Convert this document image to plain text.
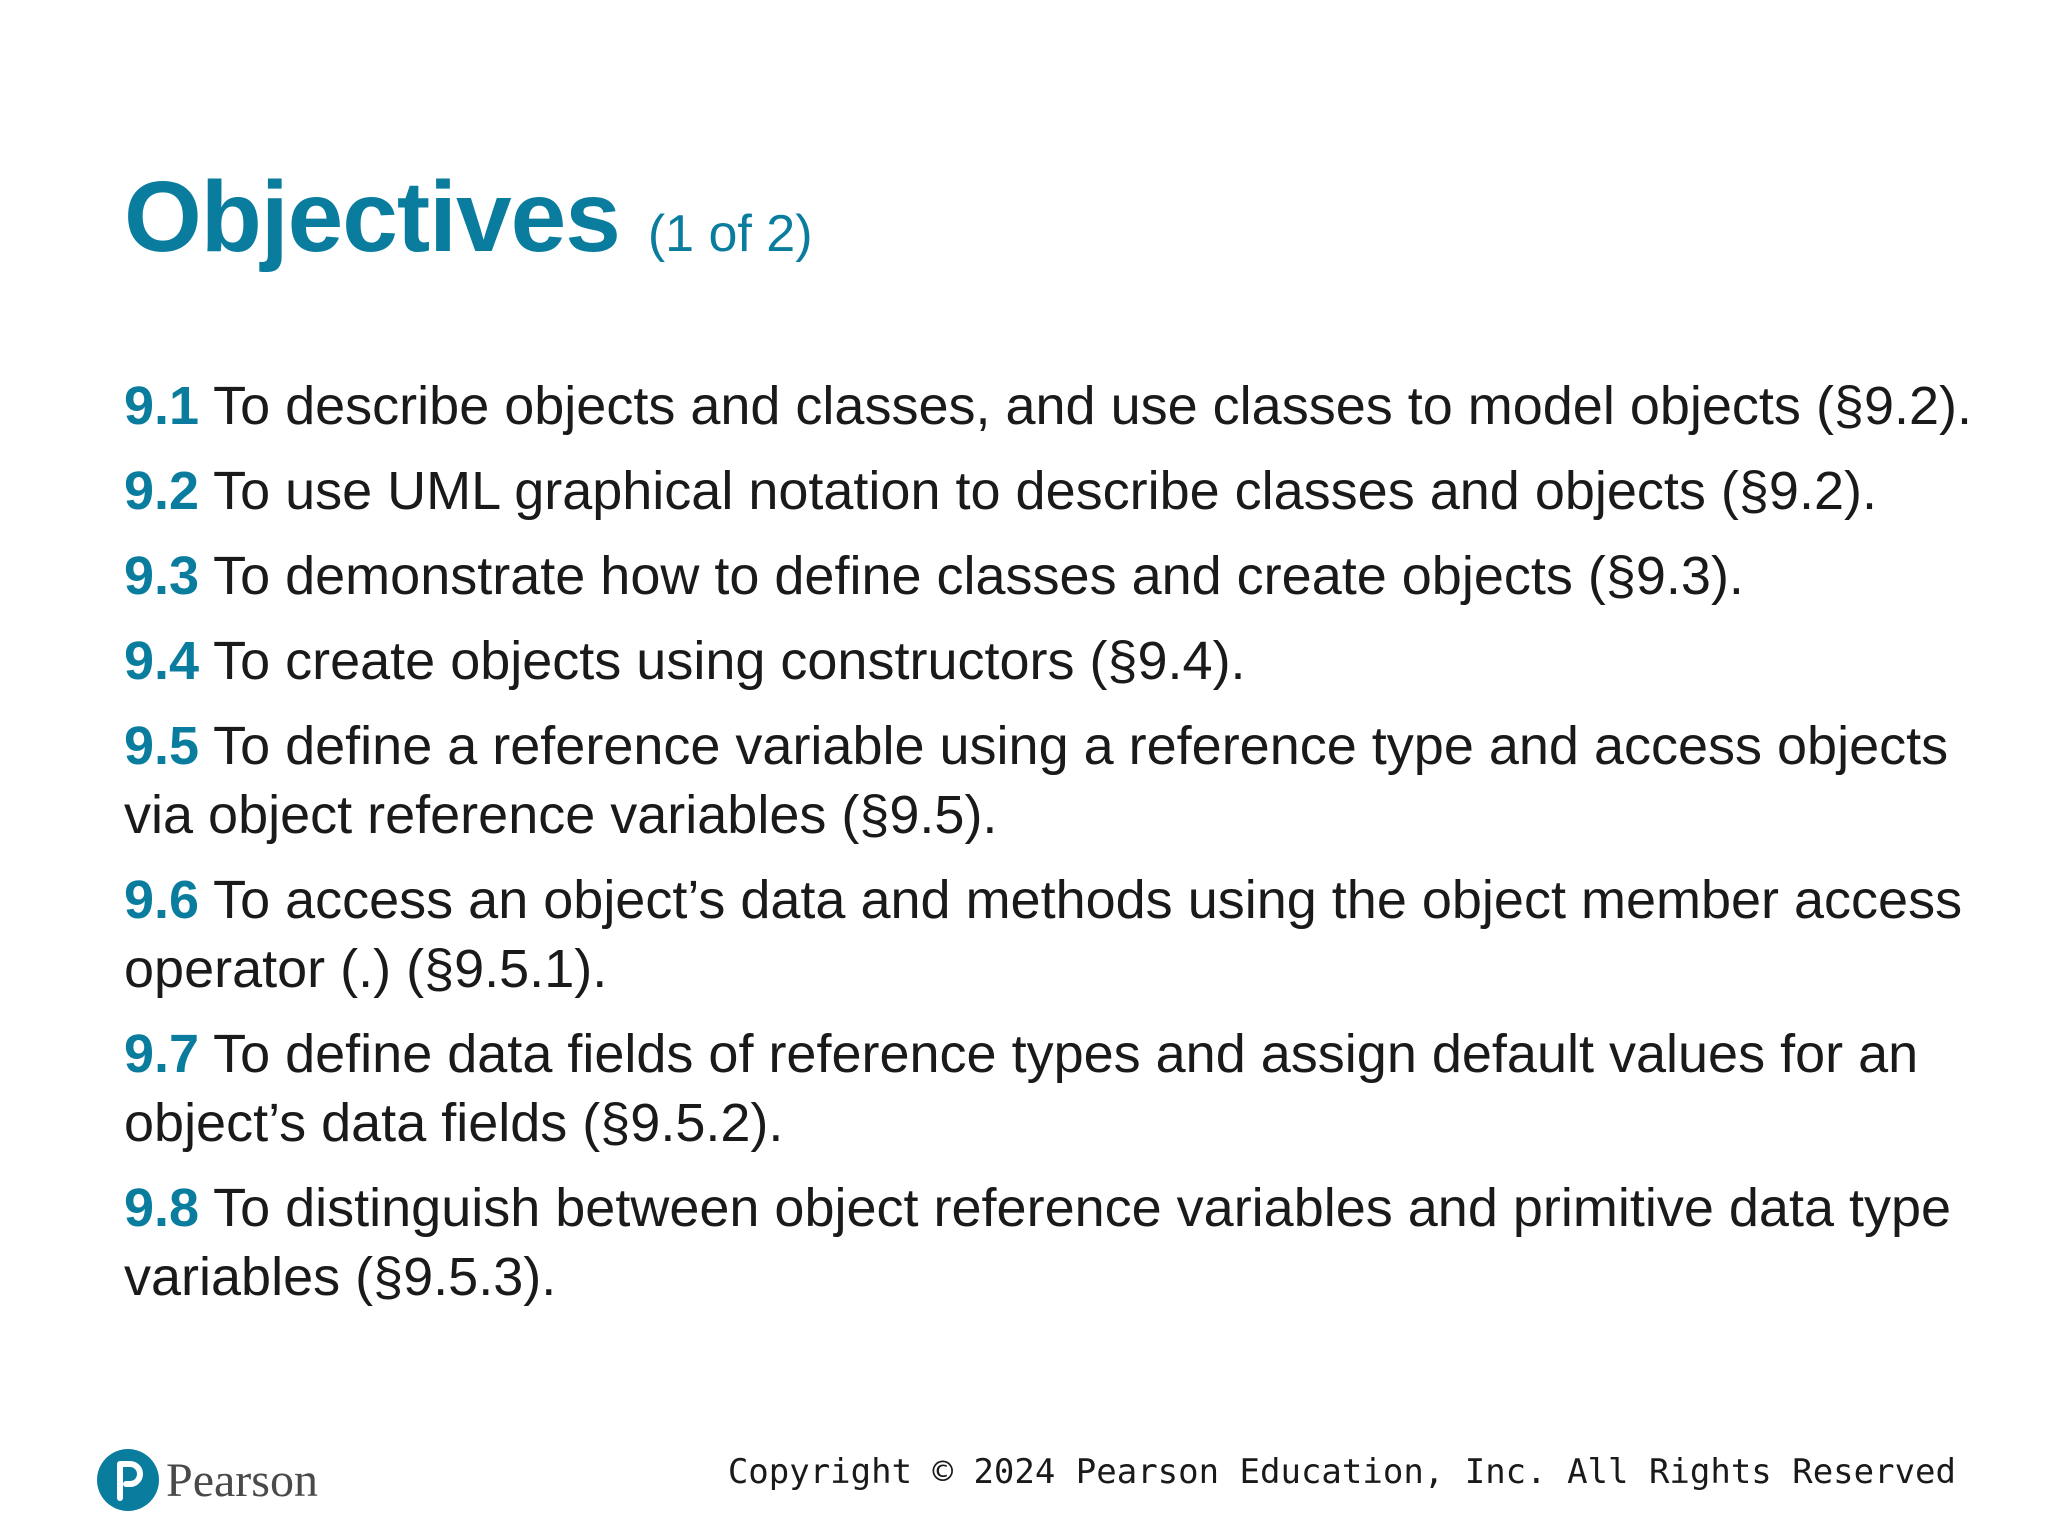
Objectives (1 of 2)
9.1 To describe objects and classes, and use classes to model objects (§9.2).
9.2 To use UML graphical notation to describe classes and objects (§9.2).
9.3 To demonstrate how to define classes and create objects (§9.3).
9.4 To create objects using constructors (§9.4).
9.5 To define a reference variable using a reference type and access objects via object reference variables (§9.5).
9.6 To access an object’s data and methods using the object member access operator (.) (§9.5.1).
9.7 To define data fields of reference types and assign default values for an object’s data fields (§9.5.2).
9.8 To distinguish between object reference variables and primitive data type variables (§9.5.3).
Pearson	Copyright © 2024 Pearson Education, Inc. All Rights Reserved
